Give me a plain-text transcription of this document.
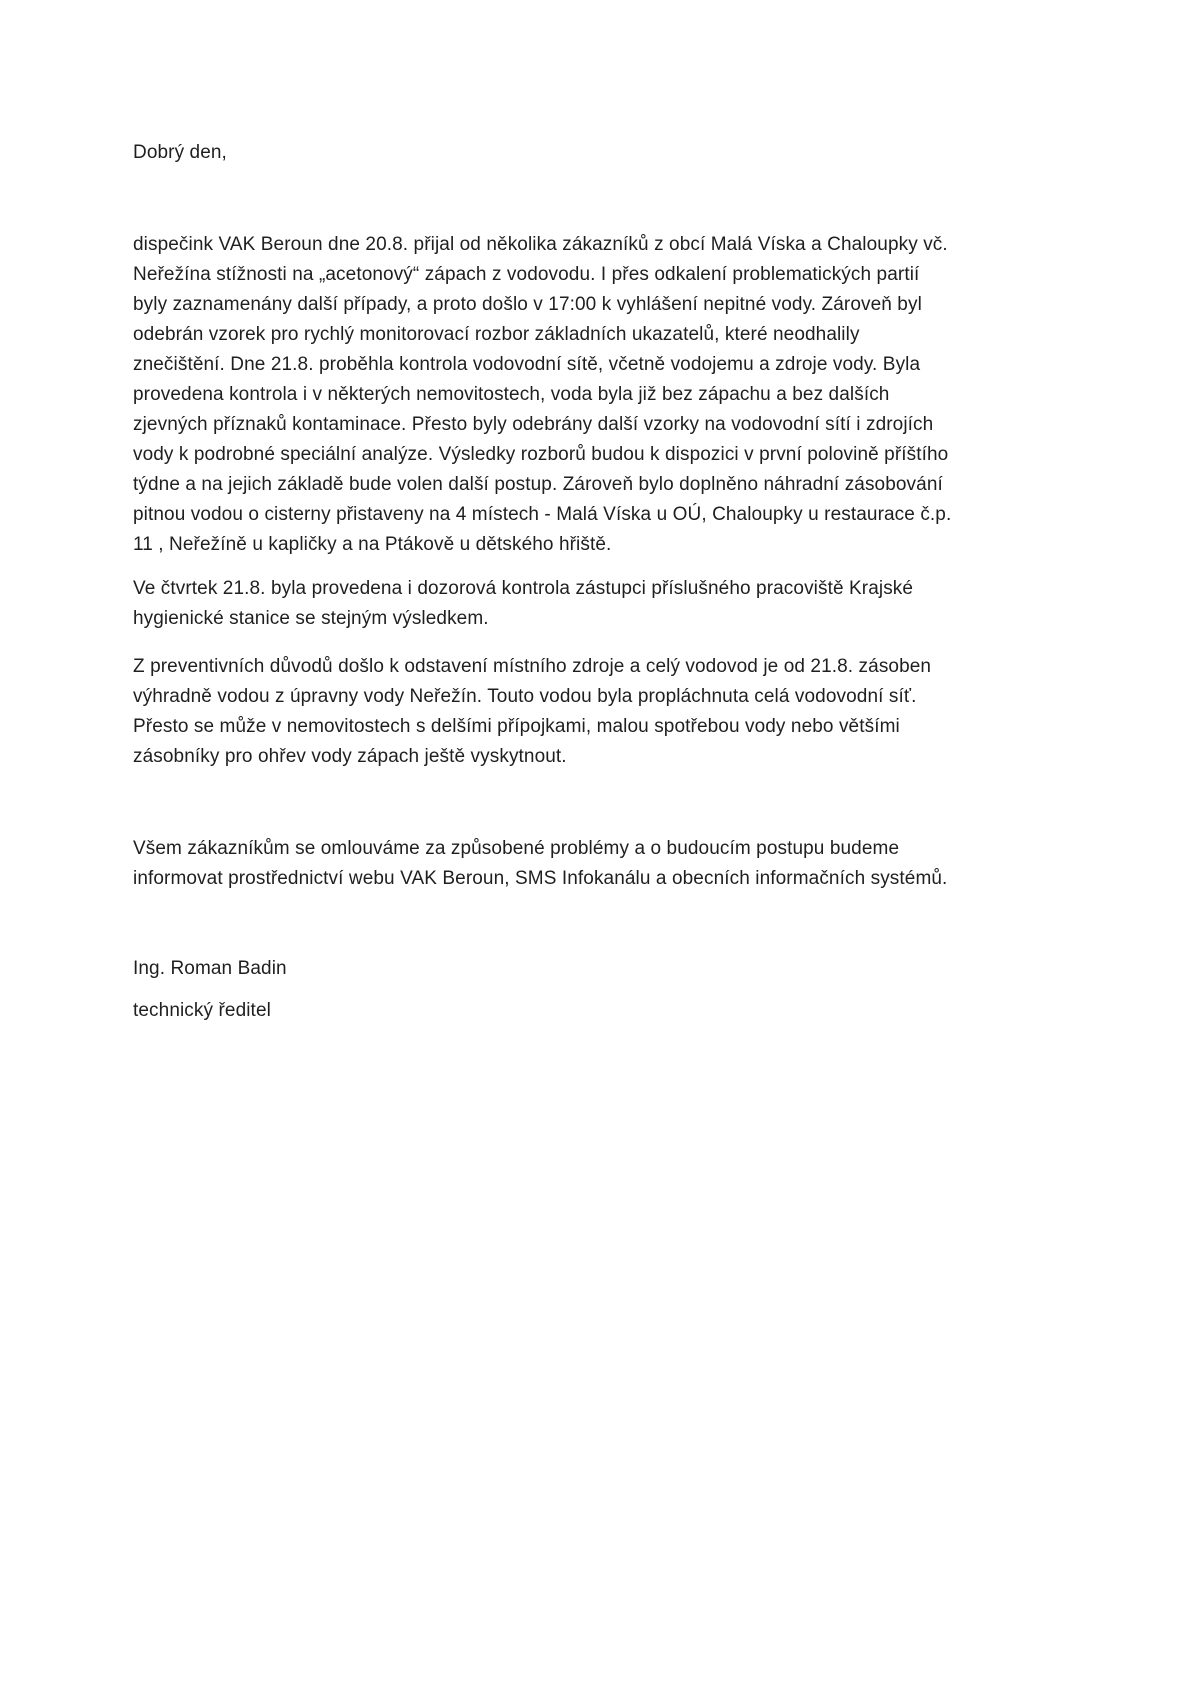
Dobrý den,
dispečink VAK Beroun dne 20.8. přijal od několika zákazníků z obcí Malá Víska a Chaloupky vč.
Neřežína stížnosti na „acetonový“ zápach z vodovodu. I přes odkalení problematických partií
byly zaznamenány další případy, a proto došlo v 17:00 k vyhlášení nepitné vody. Zároveň byl
odebrán vzorek pro rychlý monitorovací rozbor základních ukazatelů, které neodhalily
znečištění. Dne 21.8. proběhla kontrola vodovodní sítě, včetně vodojemu a zdroje vody. Byla
provedena kontrola i v některých nemovitostech, voda byla již bez zápachu a bez dalších
zjevných příznaků kontaminace. Přesto byly odebrány další vzorky na vodovodní sítí i zdrojích
vody k podrobné speciální analýze. Výsledky rozborů budou k dispozici v první polovině příštího
týdne a na jejich základě bude volen další postup. Zároveň bylo doplněno náhradní zásobování
pitnou vodou o cisterny přistaveny na 4 místech - Malá Víska u OÚ, Chaloupky u restaurace č.p.
11 , Neřežíně u kapličky a na Ptákově u dětského hřiště.
Ve čtvrtek 21.8. byla provedena i dozorová kontrola zástupci příslušného pracoviště Krajské
hygienické stanice se stejným výsledkem.
Z preventivních důvodů došlo k odstavení místního zdroje a celý vodovod je od 21.8. zásoben
výhradně vodou z úpravny vody Neřežín. Touto vodou byla propláchnuta celá vodovodní síť.
Přesto se může v nemovitostech s delšími přípojkami, malou spotřebou vody nebo většími
zásobníky pro ohřev vody zápach ještě vyskytnout.
Všem zákazníkům se omlouváme za způsobené problémy a o budoucím postupu budeme
informovat prostřednictví webu VAK Beroun, SMS Infokanálu a obecních informačních systémů.
Ing. Roman Badin
technický ředitel
